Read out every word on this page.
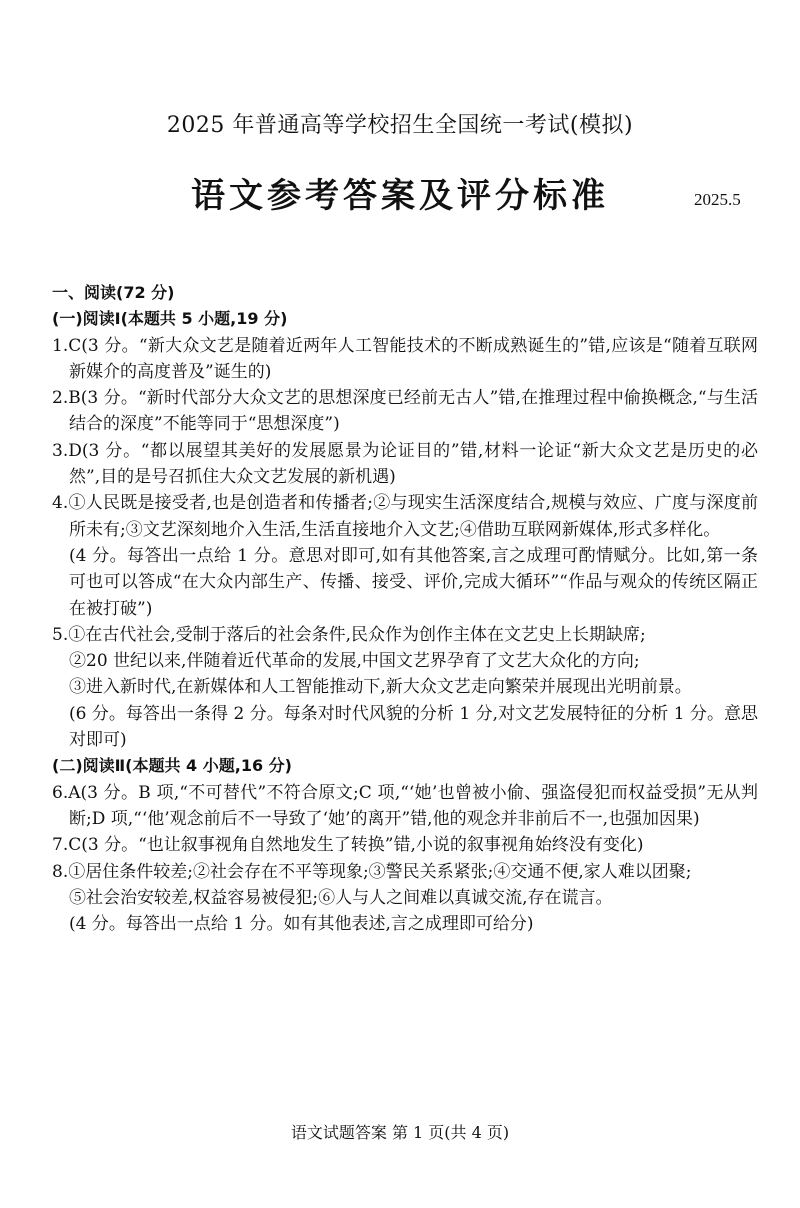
2025 年普通高等学校招生全国统一考试(模拟)
语文参考答案及评分标准	2025.5
一、阅读(72 分)
(一)阅读Ⅰ(本题共 5 小题,19 分)
1.C(3 分。“新大众文艺是随着近两年人工智能技术的不断成熟诞生的”错,应该是“随着互联网新媒介的高度普及”诞生的)
2.B(3 分。“新时代部分大众文艺的思想深度已经前无古人”错,在推理过程中偷换概念,“与生活结合的深度”不能等同于“思想深度”)
3.D(3 分。“都以展望其美好的发展愿景为论证目的”错,材料一论证“新大众文艺是历史的必然”,目的是号召抓住大众文艺发展的新机遇)
4.①人民既是接受者,也是创造者和传播者;②与现实生活深度结合,规模与效应、广度与深度前所未有;③文艺深刻地介入生活,生活直接地介入文艺;④借助互联网新媒体,形式多样化。
(4 分。每答出一点给 1 分。意思对即可,如有其他答案,言之成理可酌情赋分。比如,第一条可也可以答成“在大众内部生产、传播、接受、评价,完成大循环”“作品与观众的传统区隔正在被打破”)
5.①在古代社会,受制于落后的社会条件,民众作为创作主体在文艺史上长期缺席;
②20 世纪以来,伴随着近代革命的发展,中国文艺界孕育了文艺大众化的方向;
③进入新时代,在新媒体和人工智能推动下,新大众文艺走向繁荣并展现出光明前景。
(6 分。每答出一条得 2 分。每条对时代风貌的分析 1 分,对文艺发展特征的分析 1 分。意思对即可)
(二)阅读Ⅱ(本题共 4 小题,16 分)
6.A(3 分。B 项,“不可替代”不符合原文;C 项,“‘她’也曾被小偷、强盗侵犯而权益受损”无从判断;D 项,“‘他’观念前后不一导致了‘她’的离开”错,他的观念并非前后不一,也强加因果)
7.C(3 分。“也让叙事视角自然地发生了转换”错,小说的叙事视角始终没有变化)
8.①居住条件较差;②社会存在不平等现象;③警民关系紧张;④交通不便,家人难以团聚;
⑤社会治安较差,权益容易被侵犯;⑥人与人之间难以真诚交流,存在谎言。
(4 分。每答出一点给 1 分。如有其他表述,言之成理即可给分)
语文试题答案 第 1 页(共 4 页)
